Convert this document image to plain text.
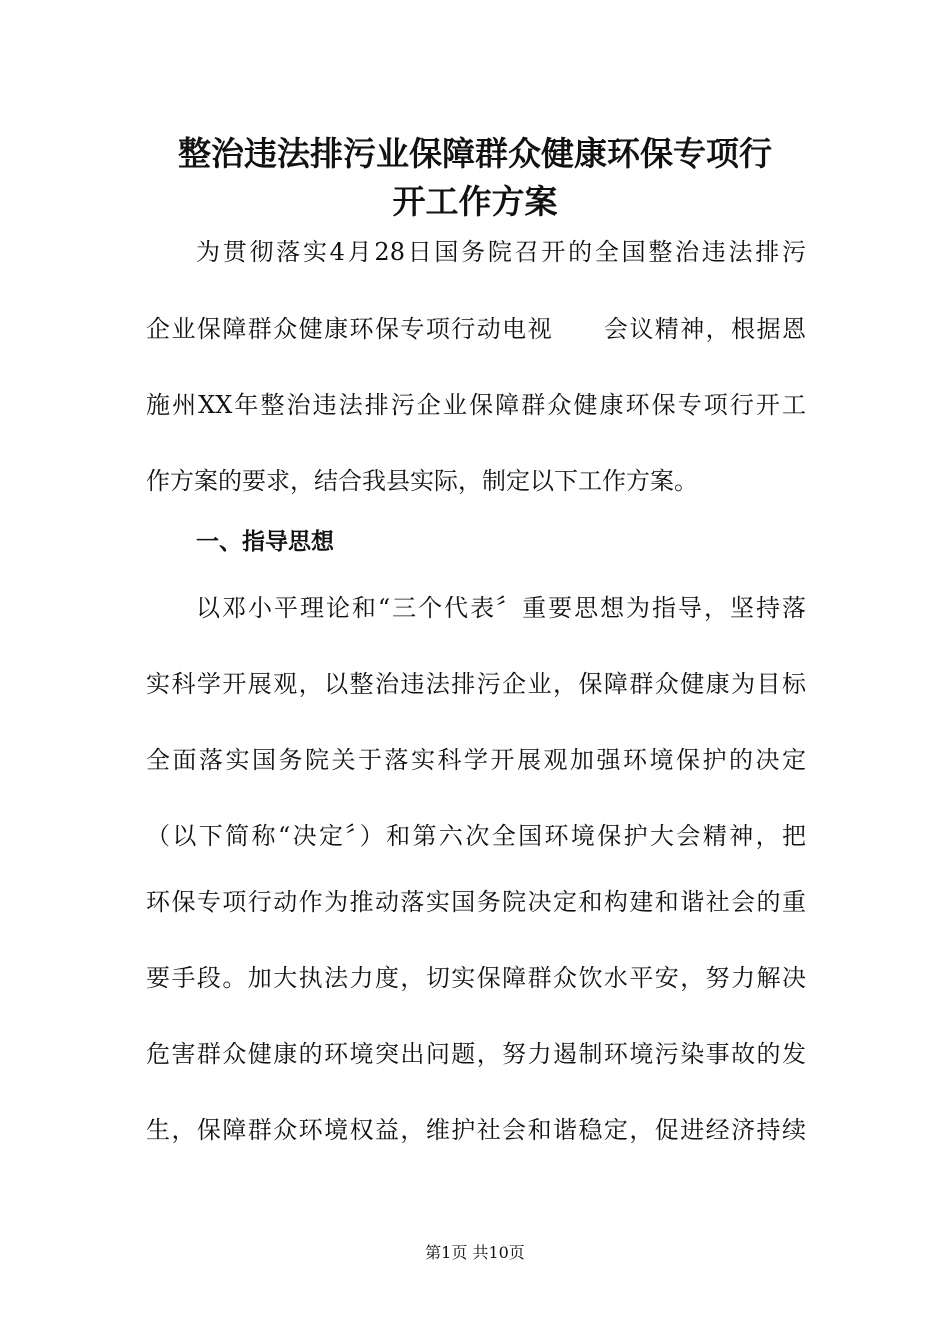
整治违法排污业保障群众健康环保专项行
开工作方案

为贯彻落实4月28日国务院召开的全国整治违法排污

企业保障群众健康环保专项行动电视　　会议精神，根据恩

施州XX年整治违法排污企业保障群众健康环保专项行开工

作方案的要求，结合我县实际，制定以下工作方案。

一、指导思想

以邓小平理论和“三个代表〞重要思想为指导，坚持落

实科学开展观，以整治违法排污企业，保障群众健康为目标

全面落实国务院关于落实科学开展观加强环境保护的决定

（以下简称“决定〞）和第六次全国环境保护大会精神，把

环保专项行动作为推动落实国务院决定和构建和谐社会的重

要手段。加大执法力度，切实保障群众饮水平安，努力解决

危害群众健康的环境突出问题，努力遏制环境污染事故的发

生，保障群众环境权益，维护社会和谐稳定，促进经济持续

第1页 共10页
